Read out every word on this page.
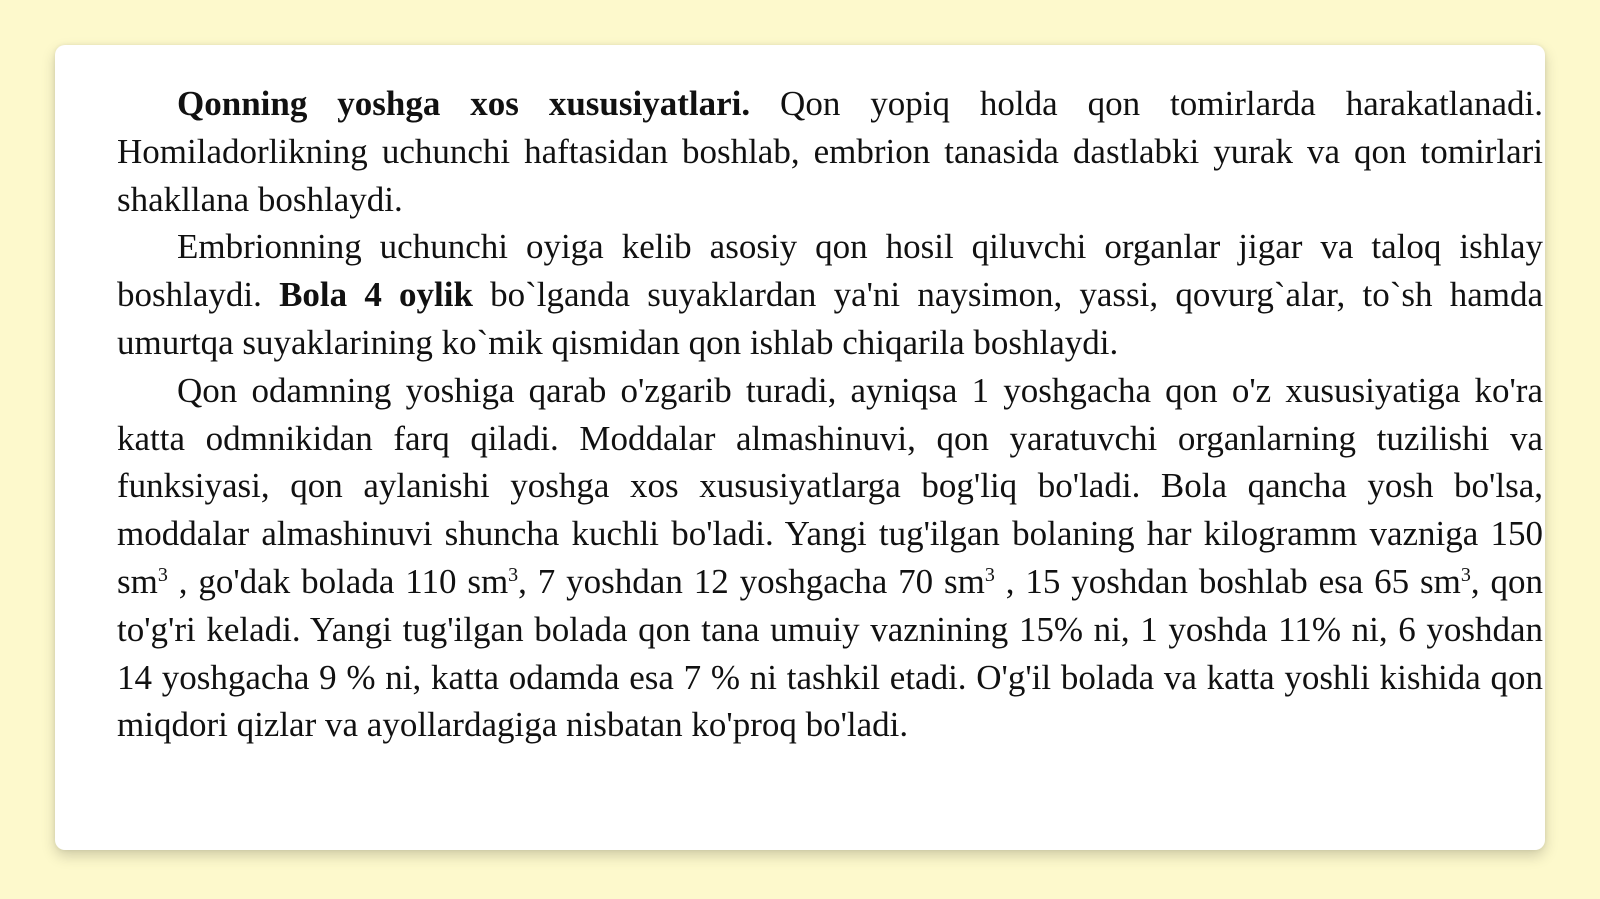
Qonning yoshga xos xususiyatlari. Qon yopiq holda qon tomirlarda harakatlanadi. Homiladorlikning uchunchi haftasidan boshlab, embrion tanasida dastlabki yurak va qon tomirlari shakllana boshlaydi.

Embrionning uchunchi oyiga kelib asosiy qon hosil qiluvchi organlar jigar va taloq ishlay boshlaydi. Bola 4 oylik bo`lganda suyaklardan ya'ni naysimon, yassi, qovurg`alar, to`sh hamda umurtqa suyaklarining ko`mik qismidan qon ishlab chiqarila boshlaydi.

Qon odamning yoshiga qarab o'zgarib turadi, ayniqsa 1 yoshgacha qon o'z xususiyatiga ko'ra katta odmnikidan farq qiladi. Moddalar almashinuvi, qon yaratuvchi organlarning tuzilishi va funksiyasi, qon aylanishi yoshga xos xususiyatlarga bog'liq bo'ladi. Bola qancha yosh bo'lsa, moddalar almashinuvi shuncha kuchli bo'ladi. Yangi tug'ilgan bolaning har kilogramm vazniga 150 $sm^3$ , go'dak bolada 110 $sm^3$, 7 yoshdan 12 yoshgacha 70 $sm^3$ , 15 yoshdan boshlab esa 65 $sm^3$, qon to'g'ri keladi. Yangi tug'ilgan bolada qon tana umuiy vaznining 15% ni, 1 yoshda 11% ni, 6 yoshdan 14 yoshgacha 9 % ni, katta odamda esa 7 % ni tashkil etadi. O'g'il bolada va katta yoshli kishida qon miqdori qizlar va ayollardagiga nisbatan ko'proq bo'ladi.
